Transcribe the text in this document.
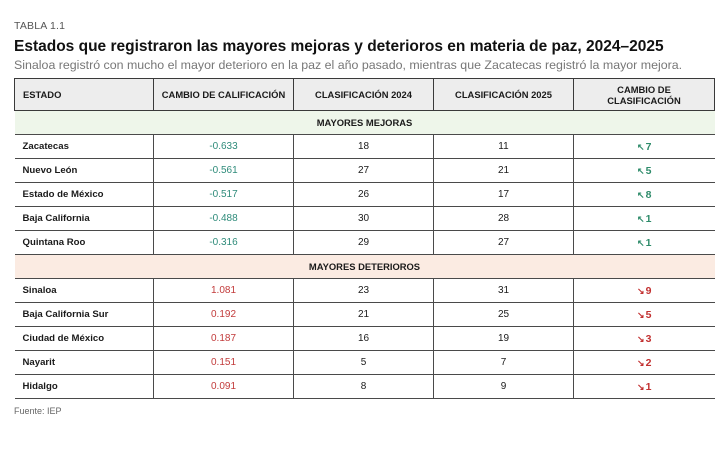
TABLA 1.1
Estados que registraron las mayores mejoras y deterioros en materia de paz, 2024–2025
Sinaloa registró con mucho el mayor deterioro en la paz el año pasado, mientras que Zacatecas registró la mayor mejora.
ESTADO	CAMBIO DE CALIFICACIÓN	CLASIFICACIÓN 2024	CLASIFICACIÓN 2025	CAMBIO DE CLASIFICACIÓN
MAYORES MEJORAS				
Zacatecas	-0.633	18	11	↖7
Nuevo León	-0.561	27	21	↖5
Estado de México	-0.517	26	17	↖8
Baja California	-0.488	30	28	↖1
Quintana Roo	-0.316	29	27	↖1
MAYORES DETERIOROS				
Sinaloa	1.081	23	31	↘9
Baja California Sur	0.192	21	25	↘5
Ciudad de México	0.187	16	19	↘3
Nayarit	0.151	5	7	↘2
Hidalgo	0.091	8	9	↘1
Fuente: IEP
